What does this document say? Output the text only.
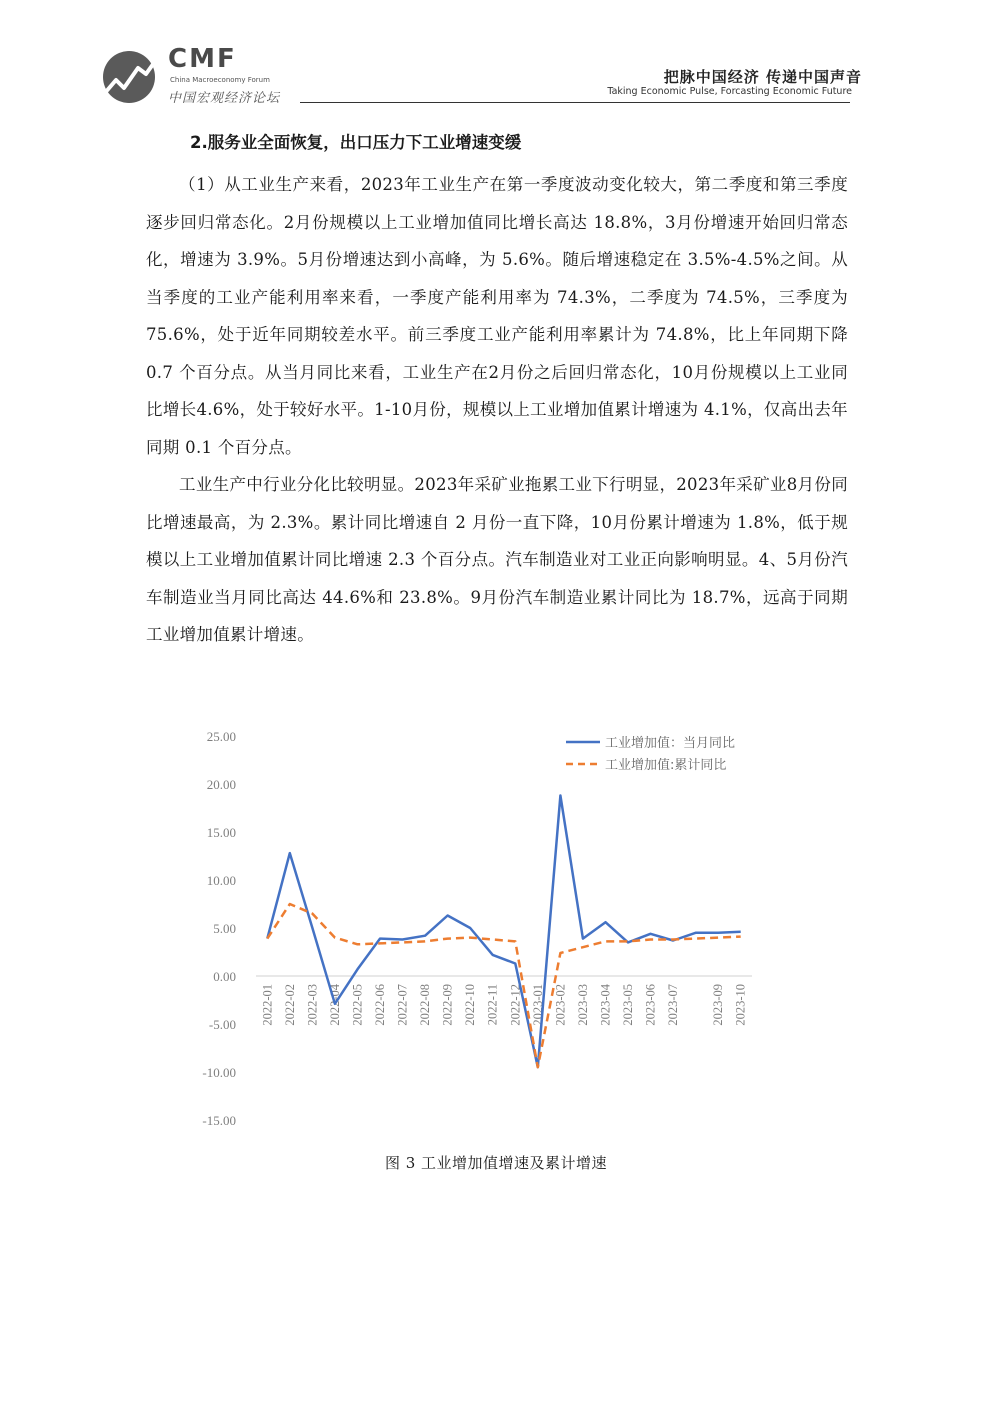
CMF
China Macroeconomy Forum
中国宏观经济论坛
把脉中国经济 传递中国声音
Taking Economic Pulse, Forcasting Economic Future
2.服务业全面恢复，出口压力下工业增速变缓

（1）从工业生产来看，2023年工业生产在第一季度波动变化较大，第二季度和第三季度逐步回归常态化。2月份规模以上工业增加值同比增长高达 18.8%，3月份增速开始回归常态化，增速为 3.9%。5月份增速达到小高峰，为 5.6%。随后增速稳定在 3.5%-4.5%之间。从当季度的工业产能利用率来看，一季度产能利用率为 74.3%，二季度为 74.5%，三季度为 75.6%，处于近年同期较差水平。前三季度工业产能利用率累计为 74.8%，比上年同期下降 0.7 个百分点。从当月同比来看，工业生产在2月份之后回归常态化，10月份规模以上工业同比增长4.6%，处于较好水平。1-10月份，规模以上工业增加值累计增速为 4.1%，仅高出去年同期 0.1 个百分点。

工业生产中行业分化比较明显。2023年采矿业拖累工业下行明显，2023年采矿业8月份同比增速最高，为 2.3%。累计同比增速自 2 月份一直下降，10月份累计增速为 1.8%，低于规模以上工业增加值累计同比增速 2.3 个百分点。汽车制造业对工业正向影响明显。4、5月份汽车制造业当月同比高达 44.6%和 23.8%。9月份汽车制造业累计同比为 18.7%，远高于同期工业增加值累计增速。

25.00
20.00
15.00
10.00
5.00
0.00
-5.00
-10.00
-15.00
2022-01 2022-02 2022-03 2022-04 2022-05 2022-06 2022-07 2022-08 2022-09 2022-10 2022-11 2022-12 2023-01 2023-02 2023-03 2023-04 2023-05 2023-06 2023-07 2023-09 2023-10
工业增加值：当月同比
工业增加值:累计同比
图 3 工业增加值增速及累计增速
